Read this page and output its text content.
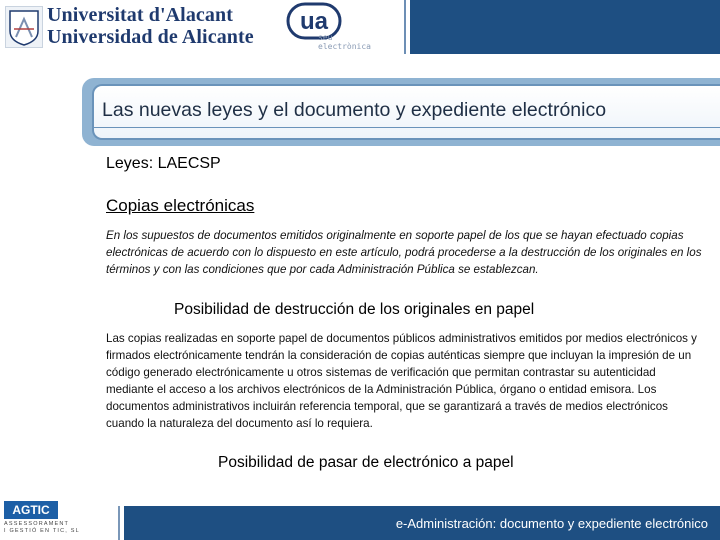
Universitat d'Alacant
Universidad de Alicante
ua
seu electrònica
Las nuevas leyes y el documento y expediente electrónico
Leyes: LAECSP
Copias electrónicas
En los supuestos de documentos emitidos originalmente en soporte papel de los que se hayan efectuado copias electrónicas de acuerdo con lo dispuesto en este artículo, podrá procederse a la destrucción de los originales en los términos y con las condiciones que por cada Administración Pública se establezcan.
Posibilidad de destrucción de los originales en papel
Las copias realizadas en soporte papel de documentos públicos administrativos emitidos por medios electrónicos y firmados electrónicamente tendrán la consideración de copias auténticas siempre que incluyan la impresión de un código generado electrónicamente u otros sistemas de verificación que permitan contrastar su autenticidad mediante el acceso a los archivos electrónicos de la Administración Pública, órgano o entidad emisora. Los documentos administrativos incluirán referencia temporal, que se garantizará a través de medios electrónicos cuando la naturaleza del documento así lo requiera.
Posibilidad de pasar de electrónico a papel
AGTIC
ASSESSORAMENT
I GESTIÓ EN TIC, SL	e-Administración: documento y expediente electrónico
